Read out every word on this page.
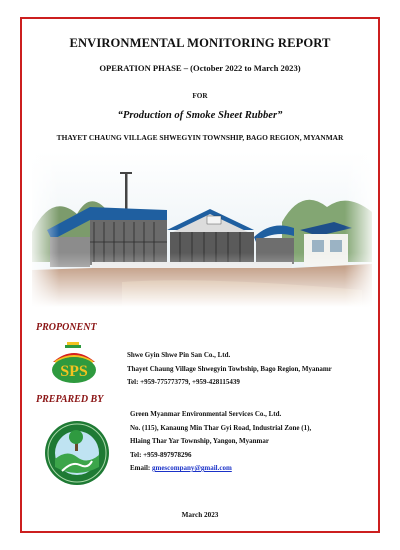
ENVIRONMENTAL MONITORING REPORT
OPERATION PHASE – (October 2022 to March 2023)
FOR
“Production of Smoke Sheet Rubber”
THAYET CHAUNG VILLAGE SHWEGYIN TOWNSHIP, BAGO REGION, MYANMAR
PROPONENT
SPS
Shwe Gyin Shwe Pin San Co., Ltd.
Thayet Chaung Village Shwegyin Towbship, Bago Region, Myanamr
Tel: +959-775773779, +959-428115439
PREPARED BY
Green Myanmar Environmental Services Co., Ltd.
No. (115), Kanaung Min Thar Gyi Road, Industrial Zone (1),
Hlaing Thar Yar Township, Yangon, Myanmar
Tel: +959-897978296
Email: gmescompany@gmail.com
March 2023
